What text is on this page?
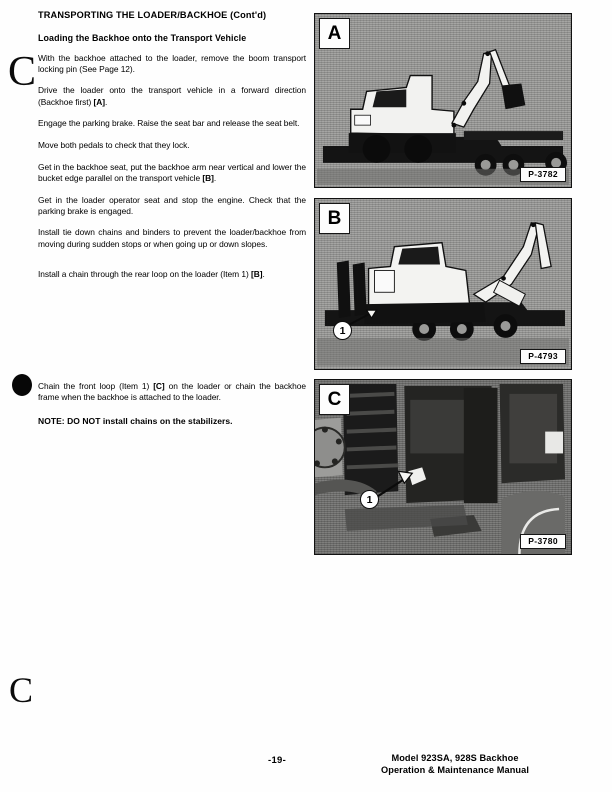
TRANSPORTING THE LOADER/BACKHOE (Cont'd)

Loading the Backhoe onto the Transport Vehicle

With the backhoe attached to the loader, remove the boom transport locking pin (See Page 12).

Drive the loader onto the transport vehicle in a forward direction (Backhoe first) [A].

Engage the parking brake. Raise the seat bar and release the seat belt.

Move both pedals to check that they lock.

Get in the backhoe seat, put the backhoe arm near vertical and lower the bucket edge parallel on the transport vehicle [B].

Get in the loader operator seat and stop the engine. Check that the parking brake is engaged.

Install tie down chains and binders to prevent the loader/backhoe from moving during sudden stops or when going up or down slopes.

Install a chain through the rear loop on the loader (Item 1) [B].

C
C

Chain the front loop (Item 1) [C] on the loader or chain the backhoe frame when the backhoe is attached to the loader.

NOTE: DO NOT install chains on the stabilizers.

A
P-3782
1
B
P-4793
1
C
P-3780
-19-	Model 923SA, 928S Backhoe
Operation & Maintenance Manual
